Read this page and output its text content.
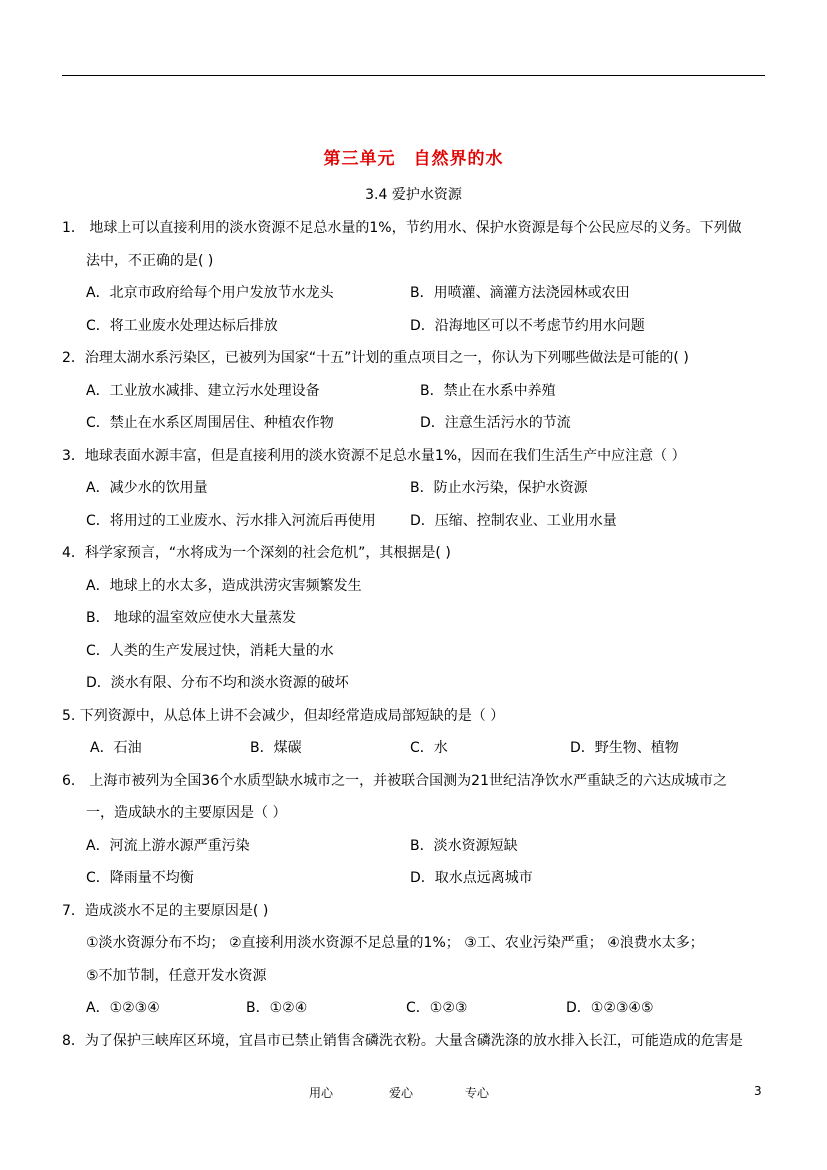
第三单元　自然界的水
3.4 爱护水资源

1． 地球上可以直接利用的淡水资源不足总水量的1%，节约用水、保护水资源是每个公民应尽的义务。下列做

法中，不正确的是( )

A．北京市政府给每个用户发放节水龙头	B．用喷灌、滴灌方法浇园林或农田
C．将工业废水处理达标后排放	D．沿海地区可以不考虑节约用水问题

2．治理太湖水系污染区，已被列为国家“十五”计划的重点项目之一，你认为下列哪些做法是可能的( )

A．工业放水减排、建立污水处理设备	B．禁止在水系中养殖
C．禁止在水系区周围居住、种植农作物	D．注意生活污水的节流

3．地球表面水源丰富，但是直接利用的淡水资源不足总水量1%，因而在我们生活生产中应注意（ ）

A．减少水的饮用量	B．防止水污染，保护水资源
C．将用过的工业废水、污水排入河流后再使用	D．压缩、控制农业、工业用水量

4．科学家预言，“水将成为一个深刻的社会危机”，其根据是( )

A．地球上的水太多，造成洪涝灾害频繁发生

B． 地球的温室效应使水大量蒸发

C．人类的生产发展过快，消耗大量的水

D．淡水有限、分布不均和淡水资源的破坏

5. 下列资源中，从总体上讲不会减少，但却经常造成局部短缺的是（ ）

A．石油	B．煤碳	C．水	D．野生物、植物

6． 上海市被列为全国36个水质型缺水城市之一，并被联合国测为21世纪洁净饮水严重缺乏的六达成城市之

一，造成缺水的主要原因是（ ）

A．河流上游水源严重污染	B．淡水资源短缺
C．降雨量不均衡	D．取水点远离城市

7．造成淡水不足的主要原因是( )

①淡水资源分布不均； ②直接利用淡水资源不足总量的1%； ③工、农业污染严重； ④浪费水太多；

⑤不加节制，任意开发水资源

A．①②③④	B．①②④	C．①②③	D．①②③④⑤

8．为了保护三峡库区环境，宜昌市已禁止销售含磷洗衣粉。大量含磷洗涤的放水排入长江，可能造成的危害是

用心	爱心	专心	3
